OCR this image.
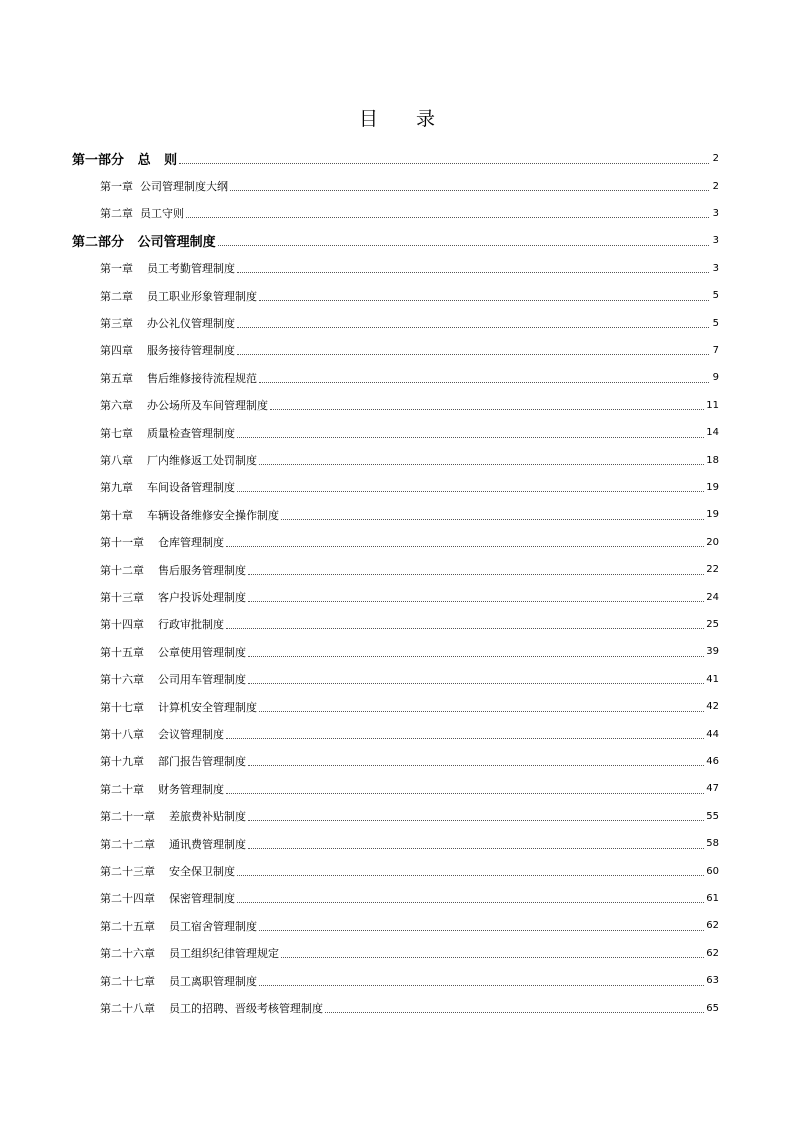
目 录
第一部分   总   则	2
第一章  公司管理制度大纲	2
第二章  员工守则	3
第二部分   公司管理制度	3
第一章    员工考勤管理制度	3
第二章    员工职业形象管理制度	5
第三章    办公礼仪管理制度	5
第四章    服务接待管理制度	7
第五章    售后维修接待流程规范	9
第六章    办公场所及车间管理制度	11
第七章    质量检查管理制度	14
第八章    厂内维修返工处罚制度	18
第九章    车间设备管理制度	19
第十章    车辆设备维修安全操作制度	19
第十一章    仓库管理制度	20
第十二章    售后服务管理制度	22
第十三章    客户投诉处理制度	24
第十四章    行政审批制度	25
第十五章    公章使用管理制度	39
第十六章    公司用车管理制度	41
第十七章    计算机安全管理制度	42
第十八章    会议管理制度	44
第十九章    部门报告管理制度	46
第二十章    财务管理制度	47
第二十一章    差旅费补贴制度	55
第二十二章    通讯费管理制度	58
第二十三章    安全保卫制度	60
第二十四章    保密管理制度	61
第二十五章    员工宿舍管理制度	62
第二十六章    员工组织纪律管理规定	62
第二十七章    员工离职管理制度	63
第二十八章    员工的招聘、晋级考核管理制度	65
